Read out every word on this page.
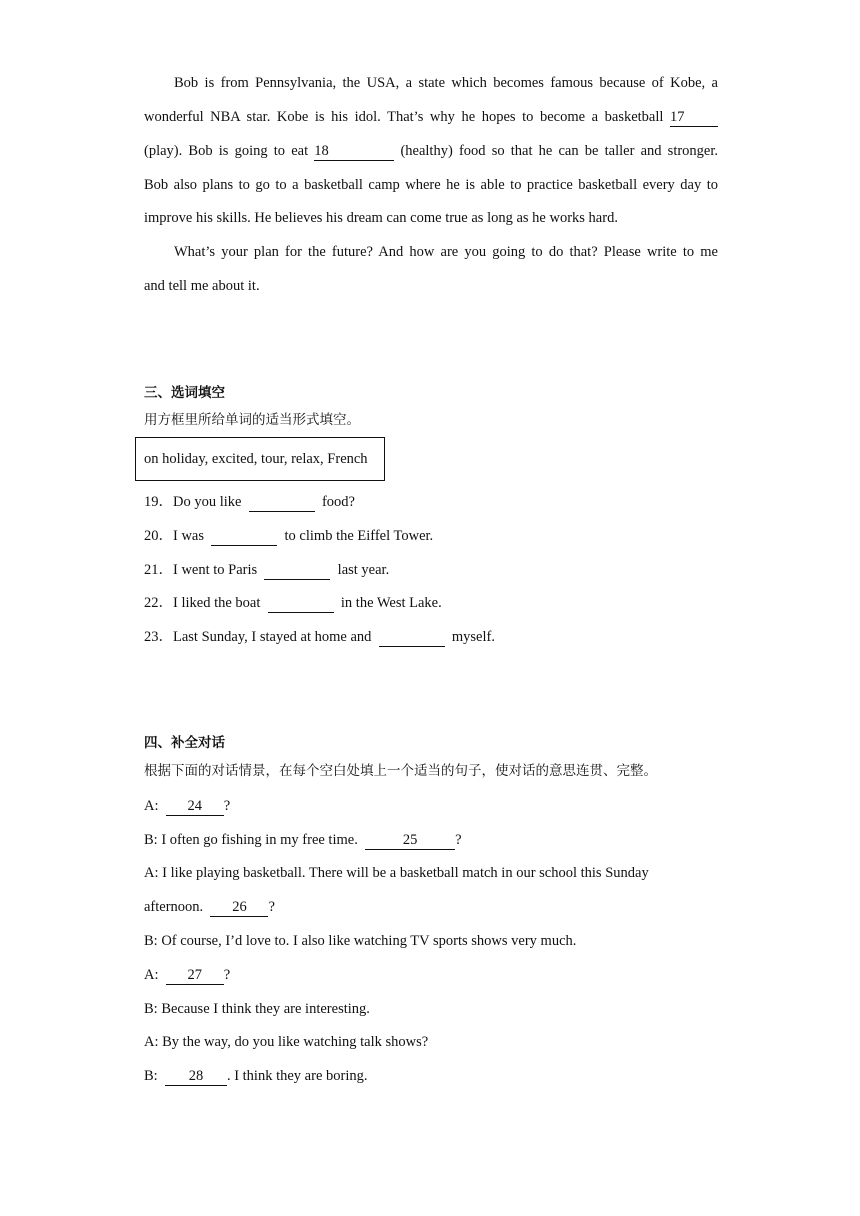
Bob is from Pennsylvania, the USA, a state which becomes famous because of Kobe, a
wonderful NBA star. Kobe is his idol. That’s why he hopes to become a basketball 17
(play). Bob is going to eat 18	(healthy) food so that he can be taller and stronger.
Bob also plans to go to a basketball camp where he is able to practice basketball every day to
improve his skills. He believes his dream can come true as long as he works hard.
What’s your plan for the future? And how are you going to do that? Please write to me
and tell me about it.
三、选词填空
用方框里所给单词的适当形式填空。
on holiday, excited, tour, relax, French
19．Do you like	food?
20．I was	to climb the Eiffel Tower.
21．I went to Paris	last year.
22．I liked the boat	in the West Lake.
23．Last Sunday, I stayed at home and	myself.
四、补全对话
根据下面的对话情景，在每个空白处填上一个适当的句子，使对话的意思连贯、完整。
A: 24 ?
B: I often go fishing in my free time.	25	?
A: I like playing basketball. There will be a basketball match in our school this Sunday
afternoon. 26 ?
B: Of course, I’d love to. I also like watching TV sports shows very much.
A: 27 ?
B: Because I think they are interesting.
A: By the way, do you like watching talk shows?
B: 28 . I think they are boring.
